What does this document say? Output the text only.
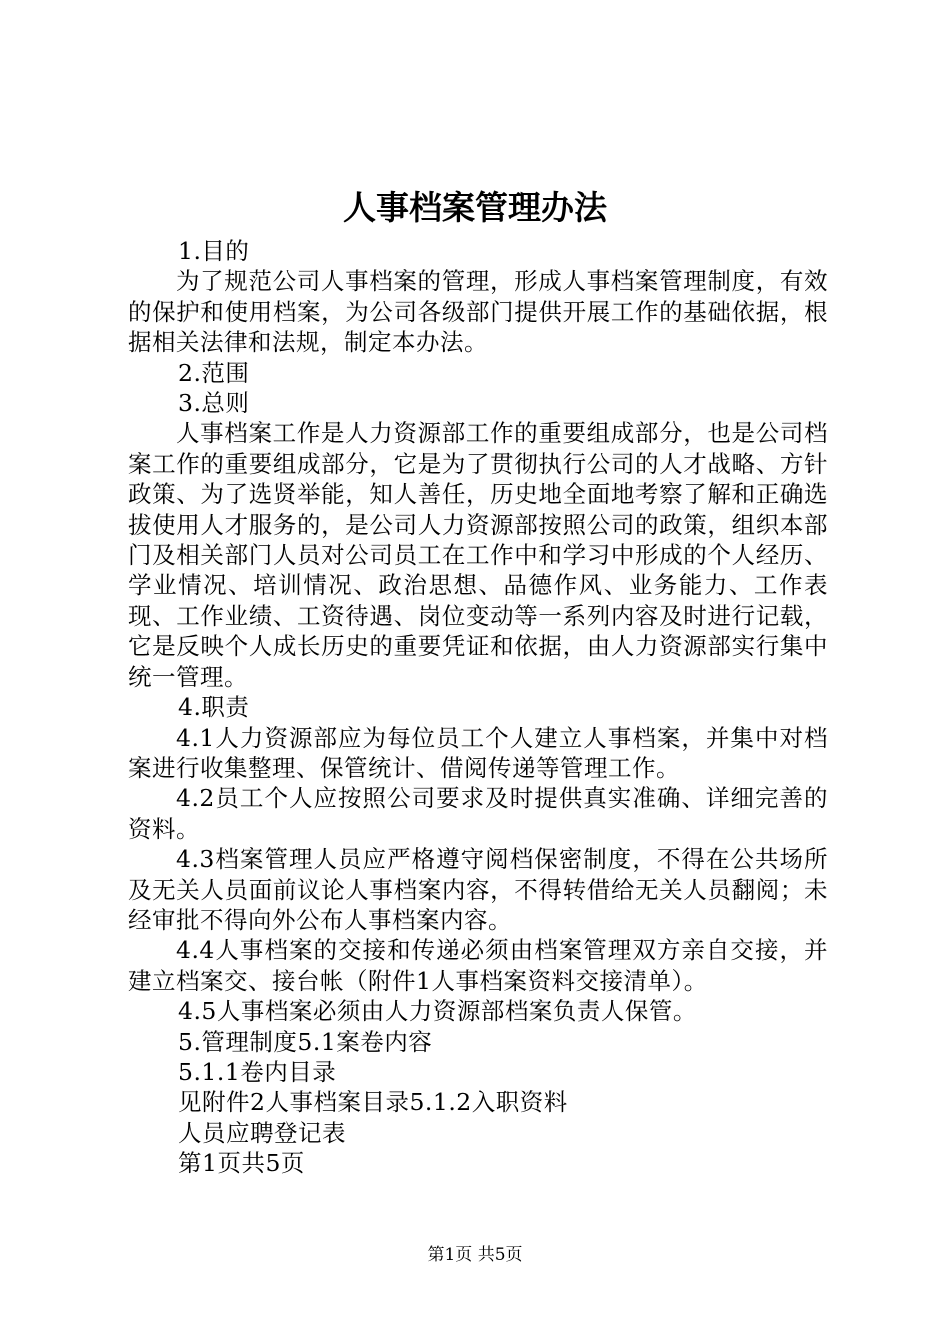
人事档案管理办法
1.目的
为了规范公司人事档案的管理，形成人事档案管理制度，有效的保护和使用档案，为公司各级部门提供开展工作的基础依据，根据相关法律和法规，制定本办法。
2.范围
3.总则
人事档案工作是人力资源部工作的重要组成部分，也是公司档案工作的重要组成部分，它是为了贯彻执行公司的人才战略、方针政策、为了选贤举能，知人善任，历史地全面地考察了解和正确选拔使用人才服务的，是公司人力资源部按照公司的政策，组织本部门及相关部门人员对公司员工在工作中和学习中形成的个人经历、学业情况、培训情况、政治思想、品德作风、业务能力、工作表现、工作业绩、工资待遇、岗位变动等一系列内容及时进行记载，它是反映个人成长历史的重要凭证和依据，由人力资源部实行集中统一管理。
4.职责
4.1人力资源部应为每位员工个人建立人事档案，并集中对档案进行收集整理、保管统计、借阅传递等管理工作。
4.2员工个人应按照公司要求及时提供真实准确、详细完善的资料。
4.3档案管理人员应严格遵守阅档保密制度，不得在公共场所及无关人员面前议论人事档案内容，不得转借给无关人员翻阅；未经审批不得向外公布人事档案内容。
4.4人事档案的交接和传递必须由档案管理双方亲自交接，并建立档案交、接台帐（附件1人事档案资料交接清单）。
4.5人事档案必须由人力资源部档案负责人保管。
5.管理制度5.1案卷内容
5.1.1卷内目录
见附件2人事档案目录5.1.2入职资料
人员应聘登记表
第1页共5页
第1页 共5页
